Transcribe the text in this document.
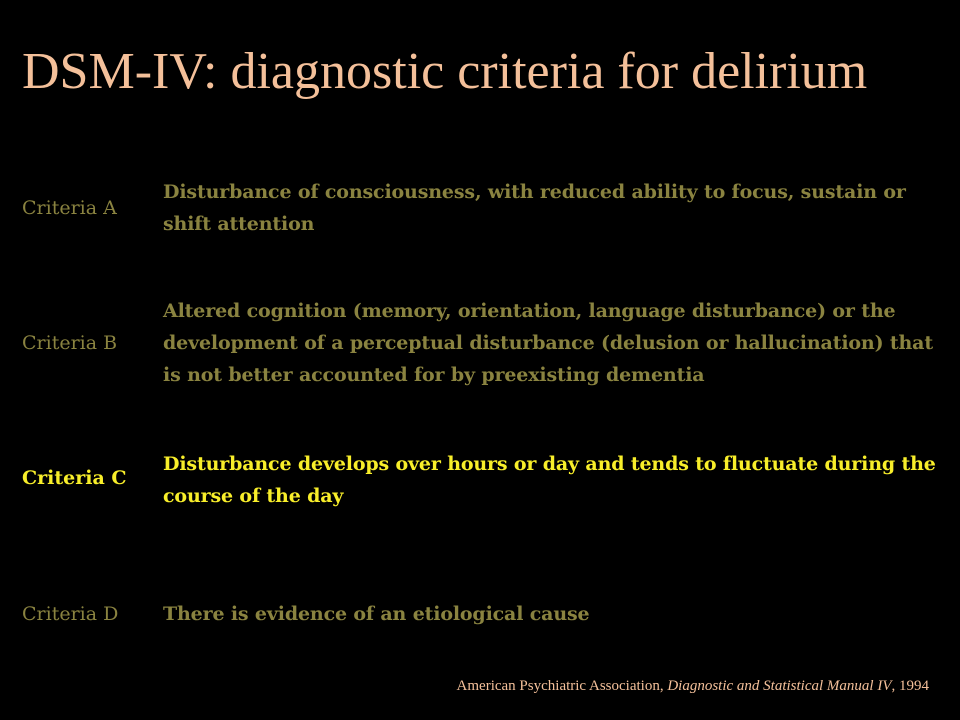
DSM-IV: diagnostic criteria for delirium
Criteria A
Disturbance of consciousness, with reduced ability to focus, sustain or shift attention
Criteria B
Altered cognition (memory, orientation, language disturbance) or the development of a perceptual disturbance (delusion or hallucination) that is not better accounted for by preexisting dementia
Criteria C
Disturbance develops over hours or day and tends to fluctuate during the course of the day
Criteria D There is evidence of an etiological cause
American Psychiatric Association, Diagnostic and Statistical Manual IV, 1994
